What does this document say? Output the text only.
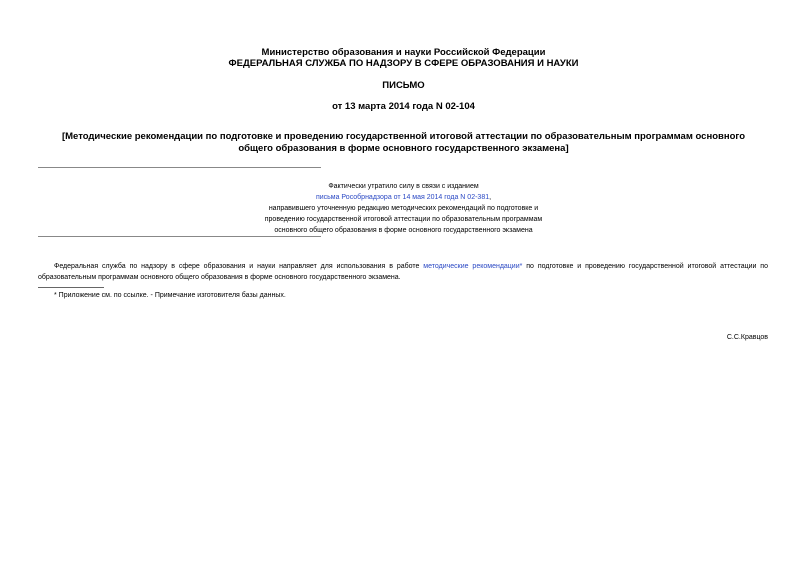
Министерство образования и науки Российской Федерации
ФЕДЕРАЛЬНАЯ СЛУЖБА ПО НАДЗОРУ В СФЕРЕ ОБРАЗОВАНИЯ И НАУКИ
ПИСЬМО
от 13 марта 2014 года N 02-104
[Методические рекомендации по подготовке и проведению государственной итоговой аттестации по образовательным программам основного общего образования в форме основного государственного экзамена]
Фактически утратило силу в связи с изданием
письма Рособрнадзора от 14 мая 2014 года N 02-381,
направившего уточненную редакцию методических рекомендаций по подготовке и
проведению государственной итоговой аттестации по образовательным программам
основного общего образования в форме основного государственного экзамена
Федеральная служба по надзору в сфере образования и науки направляет для использования в работе методические рекомендации* по подготовке и проведению государственной итоговой аттестации по образовательным программам основного общего образования в форме основного государственного экзамена.
* Приложение см. по ссылке. - Примечание изготовителя базы данных.
С.С.Кравцов
